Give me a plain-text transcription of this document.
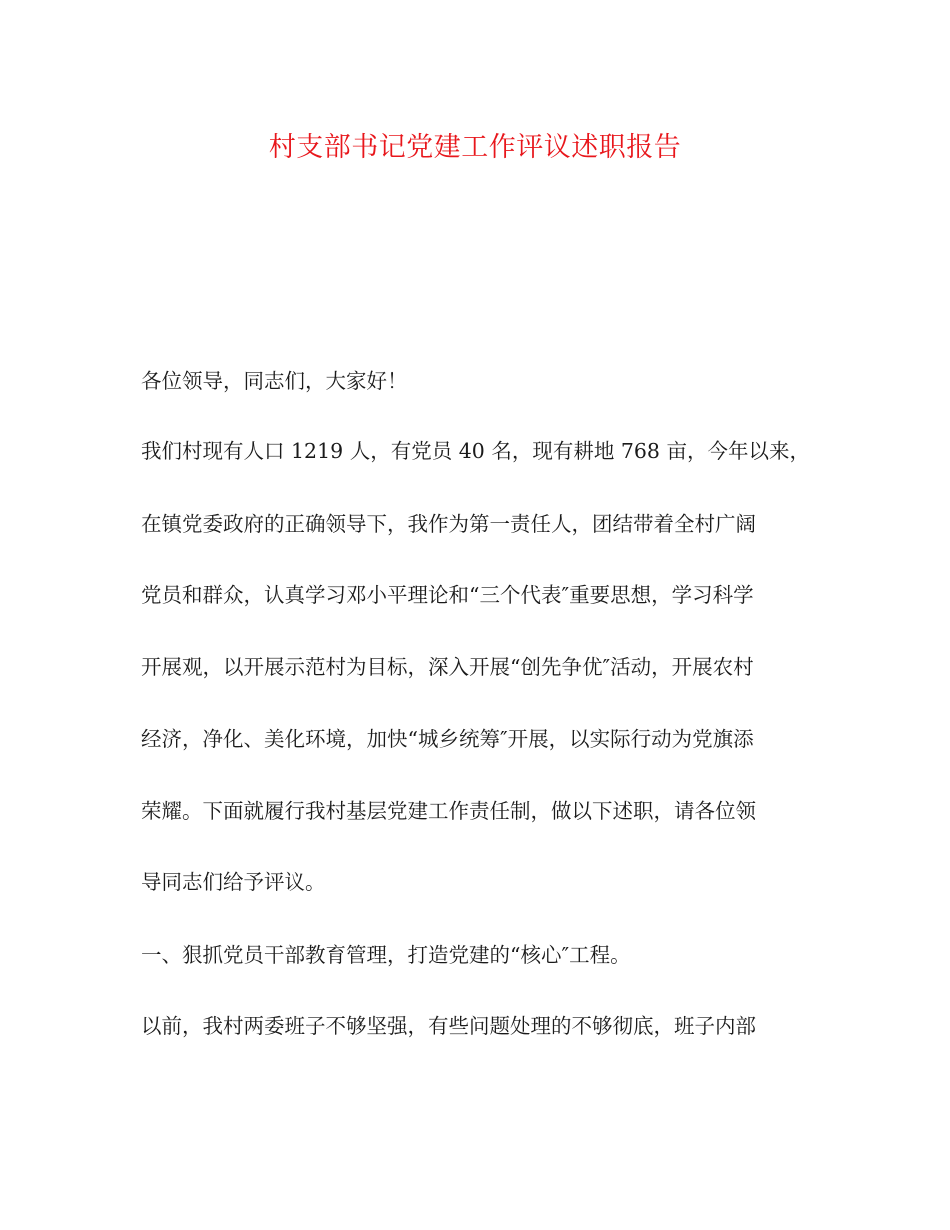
村支部书记党建工作评议述职报告
各位领导，同志们，大家好！
我们村现有人口 1219 人，有党员 40 名，现有耕地 768 亩，今年以来，
在镇党委政府的正确领导下，我作为第一责任人，团结带着全村广阔
党员和群众，认真学习邓小平理论和“三个代表″重要思想，学习科学
开展观，以开展示范村为目标，深入开展“创先争优″活动，开展农村
经济，净化、美化环境，加快“城乡统筹″开展，以实际行动为党旗添
荣耀。下面就履行我村基层党建工作责任制，做以下述职，请各位领
导同志们给予评议。
一、狠抓党员干部教育管理，打造党建的“核心″工程。
以前，我村两委班子不够坚强，有些问题处理的不够彻底，班子内部
